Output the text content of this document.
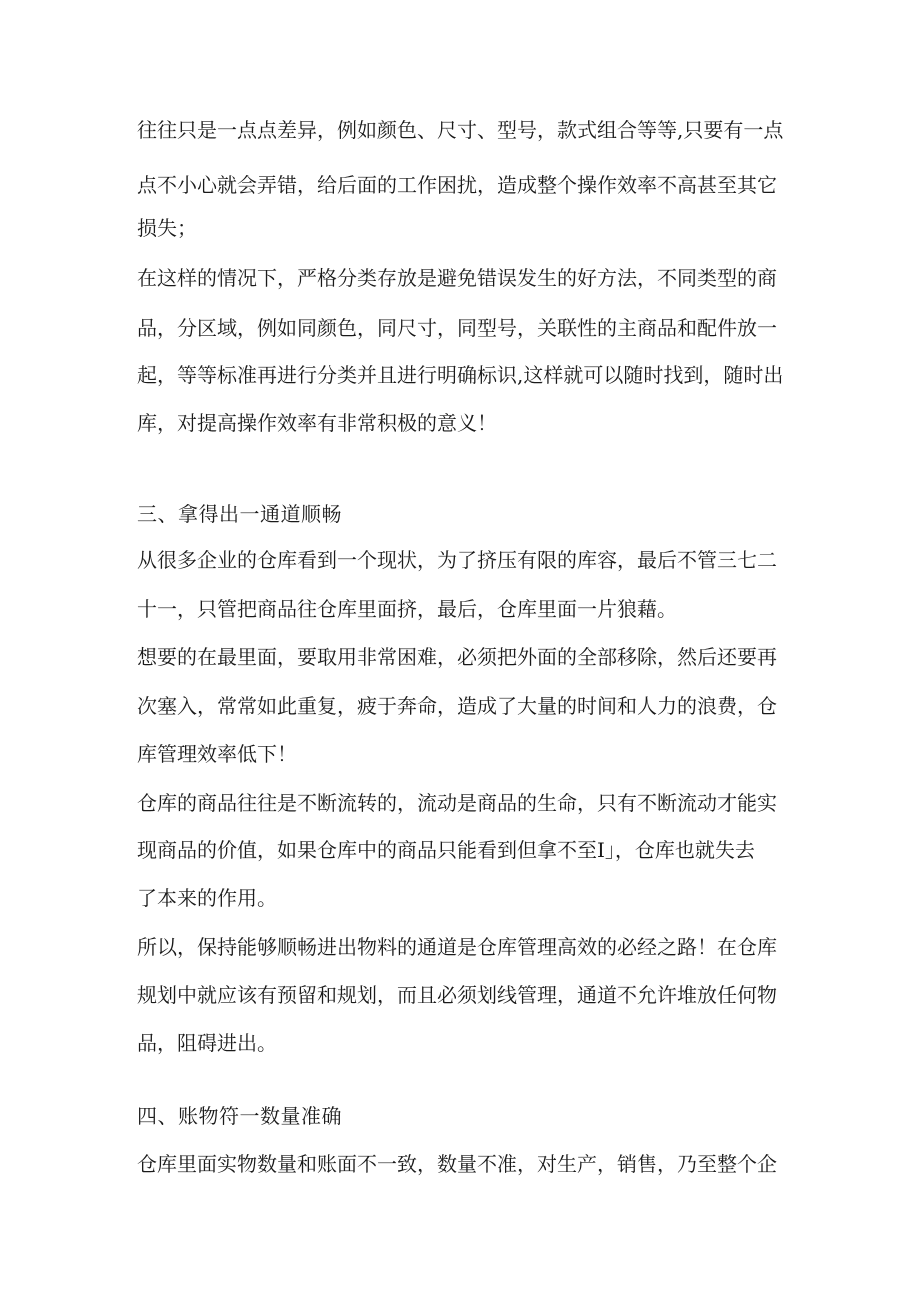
往往只是一点点差异，例如颜色、尺寸、型号，款式组合等等,只要有一点
点不小心就会弄错，给后面的工作困扰，造成整个操作效率不高甚至其它
损失；
在这样的情况下，严格分类存放是避免错误发生的好方法，不同类型的商
品，分区域，例如同颜色，同尺寸，同型号，关联性的主商品和配件放一
起，等等标准再进行分类并且进行明确标识,这样就可以随时找到，随时出
库，对提高操作效率有非常积极的意义！
三、拿得出一通道顺畅
从很多企业的仓库看到一个现状，为了挤压有限的库容，最后不管三七二
十一，只管把商品往仓库里面挤，最后，仓库里面一片狼藉。
想要的在最里面，要取用非常困难，必须把外面的全部移除，然后还要再
次塞入，常常如此重复，疲于奔命，造成了大量的时间和人力的浪费，仓
库管理效率低下！
仓库的商品往往是不断流转的，流动是商品的生命，只有不断流动才能实
现商品的价值，如果仓库中的商品只能看到但拿不至I」，仓库也就失去
了本来的作用。
所以，保持能够顺畅进出物料的通道是仓库管理高效的必经之路！在仓库
规划中就应该有预留和规划，而且必须划线管理，通道不允许堆放任何物
品，阻碍进出。
四、账物符一数量准确
仓库里面实物数量和账面不一致，数量不准，对生产，销售，乃至整个企
